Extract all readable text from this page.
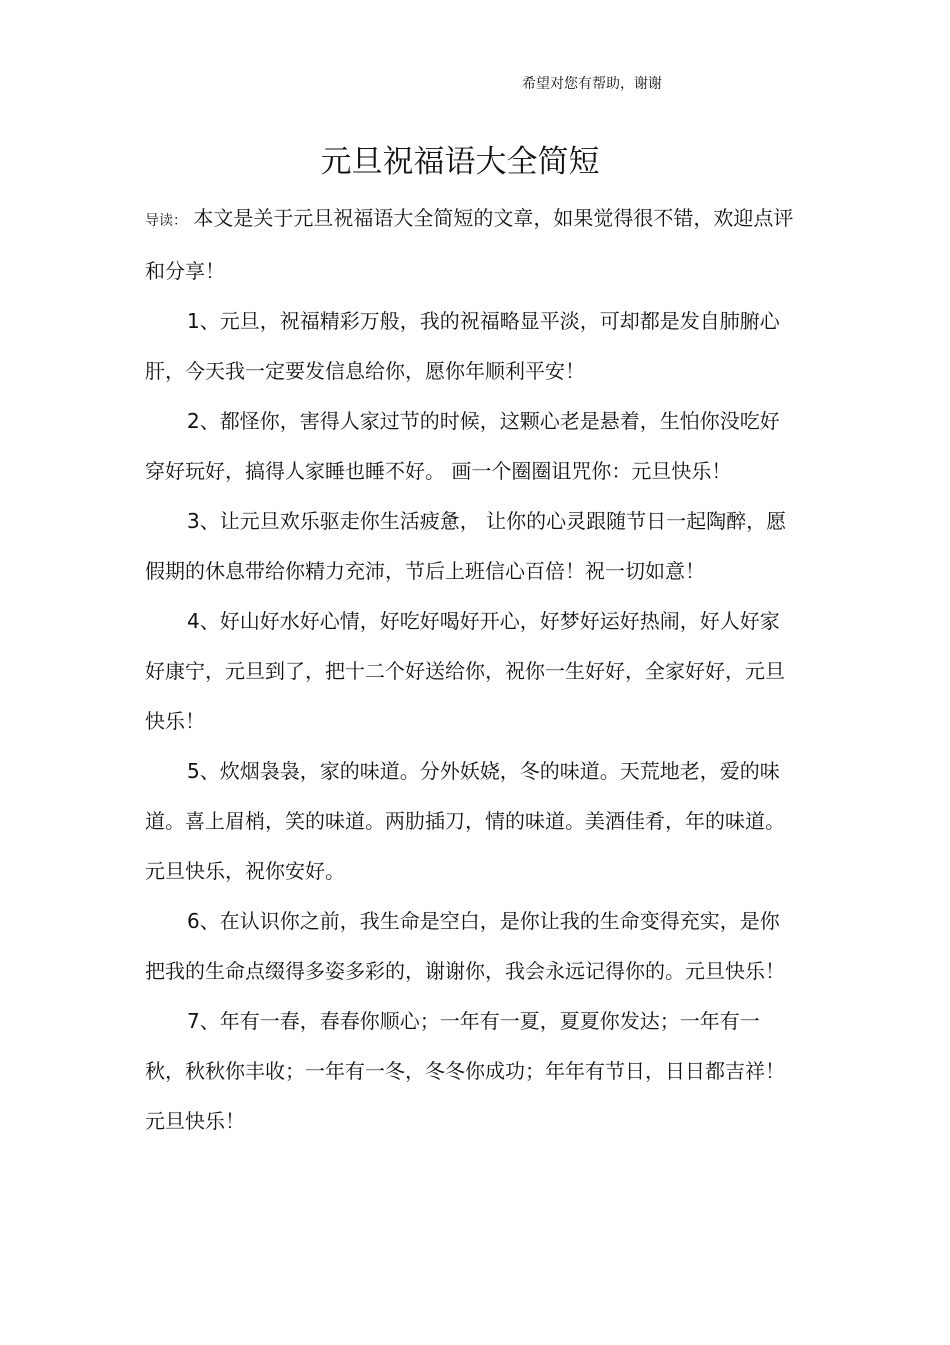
希望对您有帮助，谢谢
元旦祝福语大全简短

导读： 本文是关于元旦祝福语大全简短的文章，如果觉得很不错，欢迎点评和分享！

1、元旦，祝福精彩万般，我的祝福略显平淡，可却都是发自肺腑心肝，今天我一定要发信息给你，愿你年顺利平安！

2、都怪你，害得人家过节的时候，这颗心老是悬着，生怕你没吃好穿好玩好，搞得人家睡也睡不好。 画一个圈圈诅咒你：元旦快乐！

3、让元旦欢乐驱走你生活疲惫， 让你的心灵跟随节日一起陶醉，愿假期的休息带给你精力充沛，节后上班信心百倍！祝一切如意！

4、好山好水好心情，好吃好喝好开心，好梦好运好热闹，好人好家好康宁，元旦到了，把十二个好送给你，祝你一生好好，全家好好，元旦快乐！

5、炊烟袅袅，家的味道。分外妖娆，冬的味道。天荒地老，爱的味道。喜上眉梢，笑的味道。两肋插刀，情的味道。美酒佳肴，年的味道。元旦快乐，祝你安好。

6、在认识你之前，我生命是空白，是你让我的生命变得充实，是你把我的生命点缀得多姿多彩的，谢谢你，我会永远记得你的。元旦快乐！

7、年有一春，春春你顺心；一年有一夏，夏夏你发达；一年有一秋，秋秋你丰收；一年有一冬，冬冬你成功；年年有节日，日日都吉祥！元旦快乐！
